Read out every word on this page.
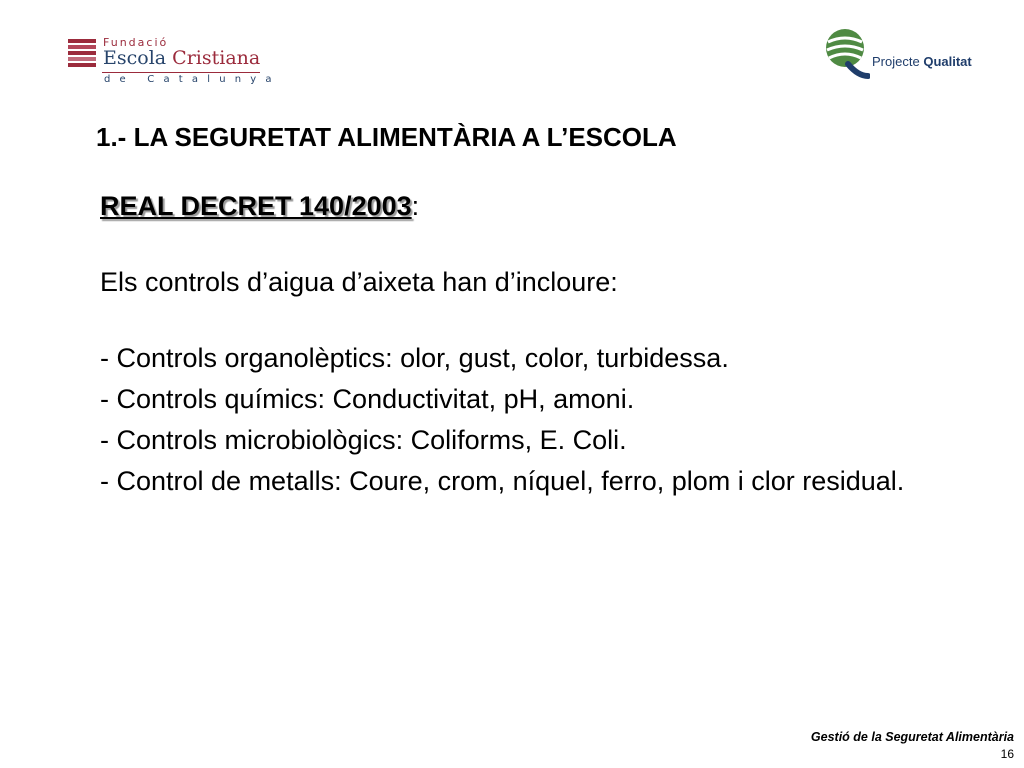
Fundació
Escola Cristiana
de Catalunya
Projecte Qualitat
1.- LA SEGURETAT ALIMENTÀRIA A L’ESCOLA
REAL DECRET 140/2003:
Els controls d’aigua d’aixeta han d’incloure:
- Controls organolèptics: olor, gust, color, turbidessa.
- Controls químics: Conductivitat, pH, amoni.
- Controls microbiològics: Coliforms, E. Coli.
- Control de metalls: Coure, crom, níquel, ferro, plom i clor residual.
Gestió de la Seguretat Alimentària
16
